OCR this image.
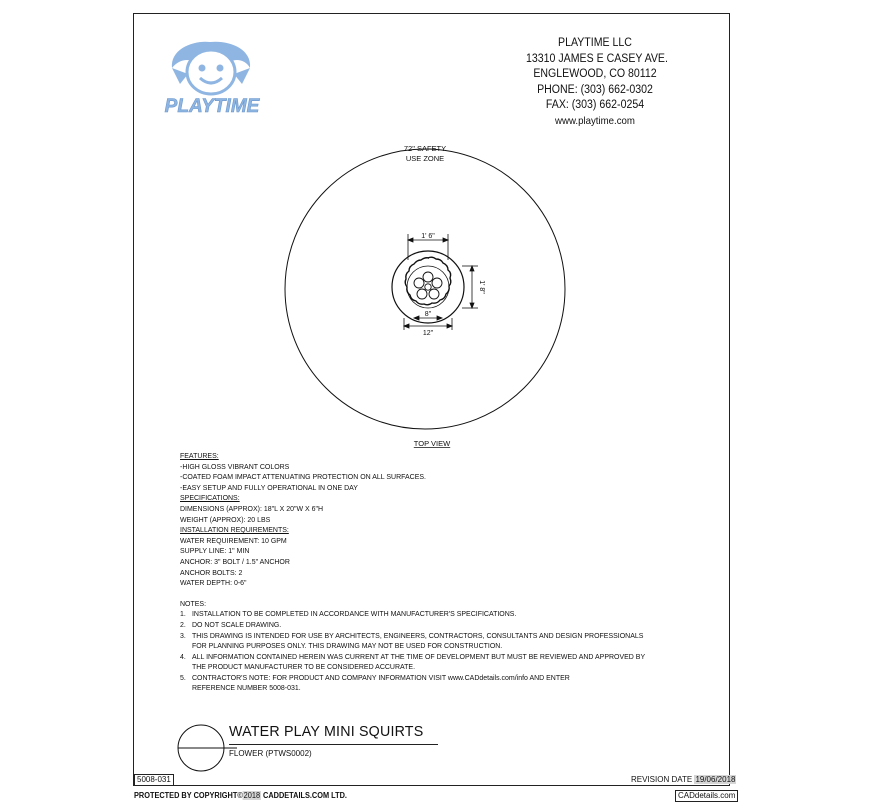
PLAYTIME
PLAYTIME LLC
13310 JAMES E CASEY AVE.
ENGLEWOOD, CO 80112
PHONE: (303) 662-0302
FAX: (303) 662-0254
www.playtime.com
72" SAFETY
USE ZONE
1' 6"
1' 8"
8"
12"
TOP VIEW
FEATURES:
-HIGH GLOSS VIBRANT COLORS
-COATED FOAM IMPACT ATTENUATING PROTECTION ON ALL SURFACES.
-EASY SETUP AND FULLY OPERATIONAL IN ONE DAY
SPECIFICATIONS:
DIMENSIONS (APPROX): 18"L X 20"W X 6"H
WEIGHT (APPROX): 20 LBS
INSTALLATION REQUIREMENTS:
WATER REQUIREMENT: 10 GPM
SUPPLY LINE: 1" MIN
ANCHOR: 3" BOLT / 1.5" ANCHOR
ANCHOR BOLTS: 2
WATER DEPTH: 0-6"
NOTES:
1. INSTALLATION TO BE COMPLETED IN ACCORDANCE WITH MANUFACTURER'S SPECIFICATIONS.
2. DO NOT SCALE DRAWING.
3. THIS DRAWING IS INTENDED FOR USE BY ARCHITECTS, ENGINEERS, CONTRACTORS, CONSULTANTS AND DESIGN PROFESSIONALS
FOR PLANNING PURPOSES ONLY. THIS DRAWING MAY NOT BE USED FOR CONSTRUCTION.
4. ALL INFORMATION CONTAINED HEREIN WAS CURRENT AT THE TIME OF DEVELOPMENT BUT MUST BE REVIEWED AND APPROVED BY
THE PRODUCT MANUFACTURER TO BE CONSIDERED ACCURATE.
5. CONTRACTOR'S NOTE: FOR PRODUCT AND COMPANY INFORMATION VISIT www.CADdetails.com/info AND ENTER
REFERENCE NUMBER 5008-031.
WATER PLAY MINI SQUIRTS
FLOWER (PTWS0002)
5008-031	REVISION DATE 19/06/2018
PROTECTED BY COPYRIGHT©2018 CADDETAILS.COM LTD.	CADdetails.com
